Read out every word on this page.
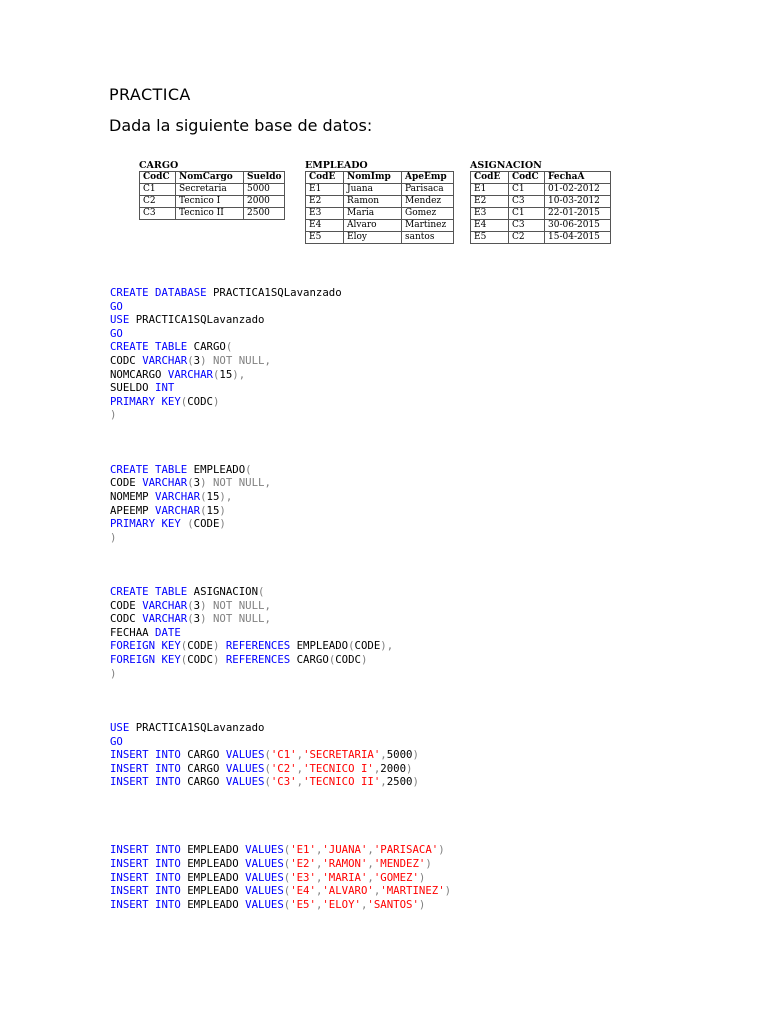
PRACTICA
Dada la siguiente base de datos:
CARGO
CodC	NomCargo	Sueldo
C1	Secretaria	5000
C2	Tecnico I	2000
C3	Tecnico II	2500
EMPLEADO
CodE	NomImp	ApeEmp
E1	Juana	Parisaca
E2	Ramon	Mendez
E3	Maria	Gomez
E4	Alvaro	Martinez
E5	Eloy	santos
ASIGNACION
CodE	CodC	FechaA
E1	C1	01-02-2012
E2	C3	10-03-2012
E3	C1	22-01-2015
E4	C3	30-06-2015
E5	C2	15-04-2015
CREATE DATABASE PRACTICA1SQLavanzado
GO
USE PRACTICA1SQLavanzado
GO
CREATE TABLE CARGO(
CODC VARCHAR(3) NOT NULL,
NOMCARGO VARCHAR(15),
SUELDO INT
PRIMARY KEY(CODC)
)
CREATE TABLE EMPLEADO(
CODE VARCHAR(3) NOT NULL,
NOMEMP VARCHAR(15),
APEEMP VARCHAR(15)
PRIMARY KEY (CODE)
)
CREATE TABLE ASIGNACION(
CODE VARCHAR(3) NOT NULL,
CODC VARCHAR(3) NOT NULL,
FECHAA DATE
FOREIGN KEY(CODE) REFERENCES EMPLEADO(CODE),
FOREIGN KEY(CODC) REFERENCES CARGO(CODC)
)
USE PRACTICA1SQLavanzado
GO
INSERT INTO CARGO VALUES('C1','SECRETARIA',5000)
INSERT INTO CARGO VALUES('C2','TECNICO I',2000)
INSERT INTO CARGO VALUES('C3','TECNICO II',2500)
INSERT INTO EMPLEADO VALUES('E1','JUANA','PARISACA')
INSERT INTO EMPLEADO VALUES('E2','RAMON','MENDEZ')
INSERT INTO EMPLEADO VALUES('E3','MARIA','GOMEZ')
INSERT INTO EMPLEADO VALUES('E4','ALVARO','MARTINEZ')
INSERT INTO EMPLEADO VALUES('E5','ELOY','SANTOS')
